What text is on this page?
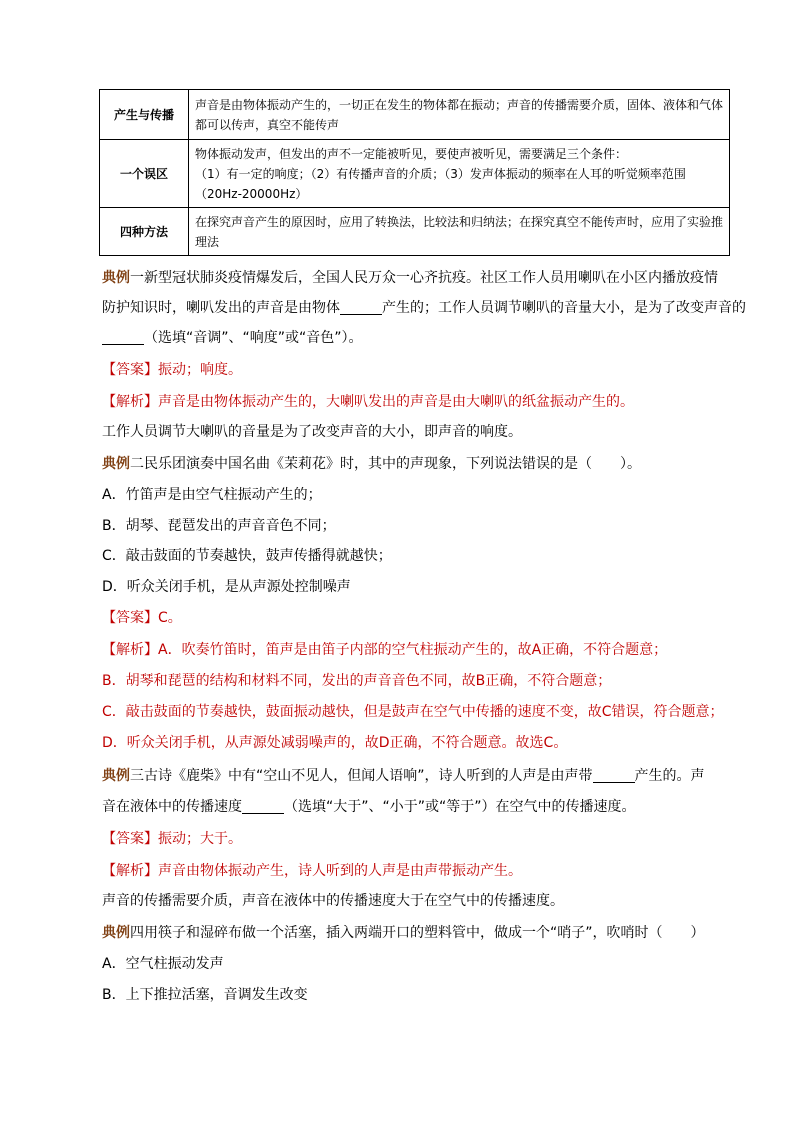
产生与传播	声音是由物体振动产生的，一切正在发生的物体都在振动；声音的传播需要介质，固体、液体和气体
都可以传声，真空不能传声

一个误区	物体振动发声，但发出的声不一定能被听见，要使声被听见，需要满足三个条件：
（1）有一定的响度；（2）有传播声音的介质；（3）发声体振动的频率在人耳的听觉频率范围
（20Hz-20000Hz）

四种方法	在探究声音产生的原因时，应用了转换法，比较法和归纳法；在探究真空不能传声时，应用了实验推
理法
典例一新型冠状肺炎疫情爆发后，全国人民万众一心齐抗疫。社区工作人员用喇叭在小区内播放疫情
防护知识时，喇叭发出的声音是由物体	产生的；工作人员调节喇叭的音量大小，是为了改变声音的
（选填“音调”、“响度”或“音色”）。
【答案】振动；响度。
【解析】声音是由物体振动产生的，大喇叭发出的声音是由大喇叭的纸盆振动产生的。
工作人员调节大喇叭的音量是为了改变声音的大小，即声音的响度。
典例二民乐团演奏中国名曲《茉莉花》时，其中的声现象，下列说法错误的是（　　）。
A．竹笛声是由空气柱振动产生的；
B．胡琴、琵琶发出的声音音色不同；
C．敲击鼓面的节奏越快，鼓声传播得就越快；
D．听众关闭手机，是从声源处控制噪声
【答案】C。
【解析】A．吹奏竹笛时，笛声是由笛子内部的空气柱振动产生的，故A正确，不符合题意；
B．胡琴和琵琶的结构和材料不同，发出的声音音色不同，故B正确，不符合题意；
C．敲击鼓面的节奏越快，鼓面振动越快，但是鼓声在空气中传播的速度不变，故C错误，符合题意；
D．听众关闭手机，从声源处减弱噪声的，故D正确，不符合题意。故选C。
典例三古诗《鹿柴》中有“空山不见人，但闻人语响”，诗人听到的人声是由声带	产生的。声
音在液体中的传播速度	（选填“大于”、“小于”或“等于”）在空气中的传播速度。
【答案】振动；大于。
【解析】声音由物体振动产生，诗人听到的人声是由声带振动产生。
声音的传播需要介质，声音在液体中的传播速度大于在空气中的传播速度。
典例四用筷子和湿碎布做一个活塞，插入两端开口的塑料管中，做成一个“哨子”，吹哨时（　　）
A．空气柱振动发声
B．上下推拉活塞，音调发生改变
